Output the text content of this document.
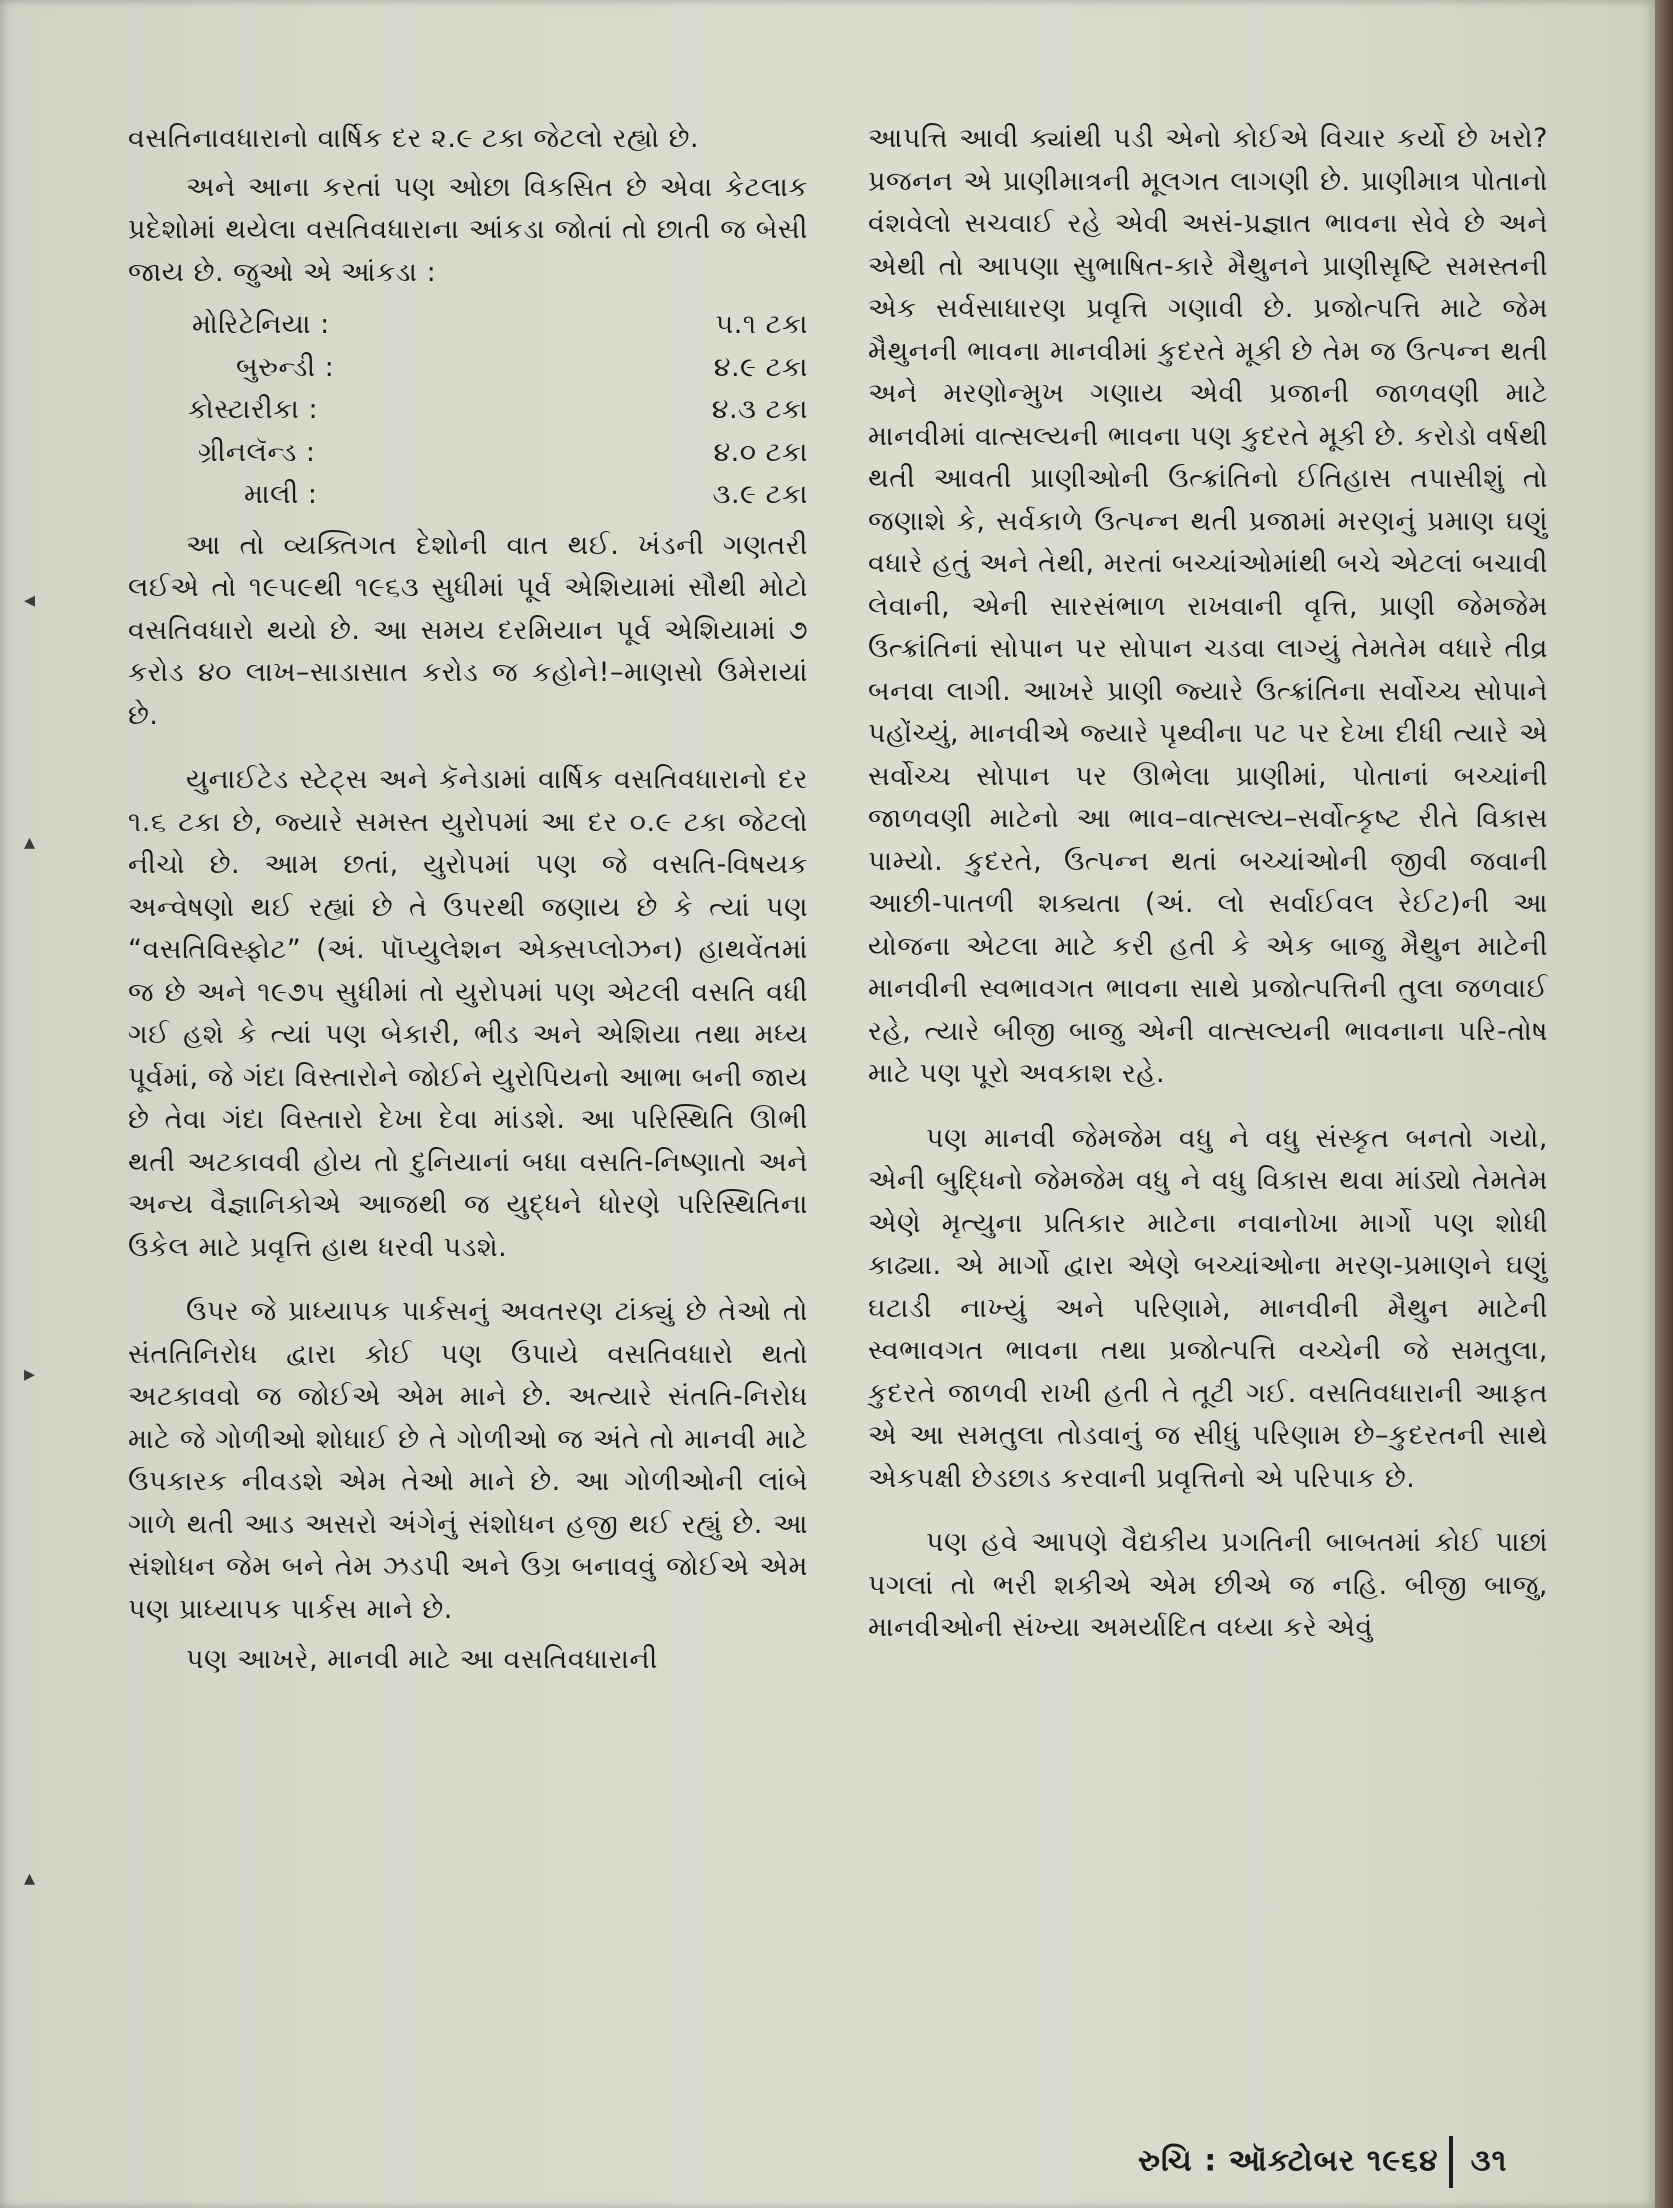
◂
▴
▸
▴

વસતિનાવધારાનો વાર્ષિક દર ૨.૯ ટકા જેટલો રહ્યો છે.

અને આના કરતાં પણ ઓછા વિકસિત છે એવા કેટલાક પ્રદેશોમાં થયેલા વસતિવધારાના આંકડા જોતાં તો છાતી જ બેસી જાય છે. જુઓ એ આંકડા :

મોરિટેનિયા :	૫.૧ ટકા
બુરુન્ડી :	૪.૯ ટકા
કોસ્ટારીકા :	૪.૩ ટકા
ગ્રીનલૅન્ડ :	૪.૦ ટકા
માલી :	૩.૯ ટકા

આ તો વ્યક્તિગત દેશોની વાત થઈ. ખંડની ગણતરી લઈએ તો ૧૯૫૯થી ૧૯૬૩ સુધીમાં પૂર્વ એશિયામાં સૌથી મોટો વસતિવધારો થયો છે. આ સમય દરમિયાન પૂર્વ એશિયામાં ૭ કરોડ ૪૦ લાખ–સાડાસાત કરોડ જ કહોને!–માણસો ઉમેરાયાં છે.

યુનાઈટેડ સ્ટેટ્સ અને કૅનેડામાં વાર્ષિક વસતિવધારાનો દર ૧.૬ ટકા છે, જ્યારે સમસ્ત યુરોપમાં આ દર ૦.૯ ટકા જેટલો નીચો છે. આમ છતાં, યુરોપમાં પણ જે વસતિ-વિષયક અન્વેષણો થઈ રહ્યાં છે તે ઉપરથી જણાય છે કે ત્યાં પણ “વસતિવિસ્ફોટ” (અં. પૉપ્યુલેશન એક્સપ્લોઝન) હાથવેંતમાં જ છે અને ૧૯૭૫ સુધીમાં તો યુરોપમાં પણ એટલી વસતિ વધી ગઈ હશે કે ત્યાં પણ બેકારી, ભીડ અને એશિયા તથા મધ્ય પૂર્વમાં, જે ગંદા વિસ્તારોને જોઈને યુરોપિયનો આભા બની જાય છે તેવા ગંદા વિસ્તારો દેખા દેવા માંડશે. આ પરિસ્થિતિ ઊભી થતી અટકાવવી હોય તો દુનિયાનાં બધા વસતિ-નિષ્ણાતો અને અન્ય વૈજ્ઞાનિકોએ આજથી જ યુદ્ધને ધોરણે પરિસ્થિતિના ઉકેલ માટે પ્રવૃત્તિ હાથ ધરવી પડશે.

ઉપર જે પ્રાધ્યાપક પાર્કસનું અવતરણ ટાંક્યું છે તેઓ તો સંતતિનિરોધ દ્વારા કોઈ પણ ઉપાયે વસતિવધારો થતો અટકાવવો જ જોઈએ એમ માને છે. અત્યારે સંતતિ-નિરોધ માટે જે ગોળીઓ શોધાઈ છે તે ગોળીઓ જ અંતે તો માનવી માટે ઉપકારક નીવડશે એમ તેઓ માને છે. આ ગોળીઓની લાંબે ગાળે થતી આડ અસરો અંગેનું સંશોધન હજી થઈ રહ્યું છે. આ સંશોધન જેમ બને તેમ ઝડપી અને ઉગ્ર બનાવવું જોઈએ એમ પણ પ્રાધ્યાપક પાર્કસ માને છે.

પણ આખરે, માનવી માટે આ વસતિવધારાની

આપત્તિ આવી ક્યાંથી પડી એનો કોઈએ વિચાર કર્યો છે ખરો? પ્રજનન એ પ્રાણીમાત્રની મૂલગત લાગણી છે. પ્રાણીમાત્ર પોતાનો વંશવેલો સચવાઈ રહે એવી અસં-પ્રજ્ઞાત ભાવના સેવે છે અને એથી તો આપણા સુભાષિત-કારે મૈથુનને પ્રાણીસૃષ્ટિ સમસ્તની એક સર્વસાધારણ પ્રવૃત્તિ ગણાવી છે. પ્રજોત્પત્તિ માટે જેમ મૈથુનની ભાવના માનવીમાં કુદરતે મૂકી છે તેમ જ ઉત્પન્ન થતી અને મરણોન્મુખ ગણાય એવી પ્રજાની જાળવણી માટે માનવીમાં વાત્સલ્યની ભાવના પણ કુદરતે મૂકી છે. કરોડો વર્ષથી થતી આવતી પ્રાણીઓની ઉત્ક્રાંતિનો ઈતિહાસ તપાસીશું તો જણાશે કે, સર્વકાળે ઉત્પન્ન થતી પ્રજામાં મરણનું પ્રમાણ ઘણું વધારે હતું અને તેથી, મરતાં બચ્ચાંઓમાંથી બચે એટલાં બચાવી લેવાની, એની સારસંભાળ રાખવાની વૃત્તિ, પ્રાણી જેમજેમ ઉત્ક્રાંતિનાં સોપાન પર સોપાન ચડવા લાગ્યું તેમતેમ વધારે તીવ્ર બનવા લાગી. આખરે પ્રાણી જ્યારે ઉત્ક્રાંતિના સર્વોચ્ચ સોપાને પહોંચ્યું, માનવીએ જ્યારે પૃથ્વીના પટ પર દેખા દીધી ત્યારે એ સર્વોચ્ચ સોપાન પર ઊભેલા પ્રાણીમાં, પોતાનાં બચ્ચાંની જાળવણી માટેનો આ ભાવ–વાત્સલ્ય–સર્વોત્કૃષ્ટ રીતે વિકાસ પામ્યો. કુદરતે, ઉત્પન્ન થતાં બચ્ચાંઓની જીવી જવાની આછી-પાતળી શક્યતા (અં. લો સર્વાઈવલ રેઈટ)ની આ યોજના એટલા માટે કરી હતી કે એક બાજુ મૈથુન માટેની માનવીની સ્વભાવગત ભાવના સાથે પ્રજોત્પત્તિની તુલા જળવાઈ રહે, ત્યારે બીજી બાજુ એની વાત્સલ્યની ભાવનાના પરિ-તોષ માટે પણ પૂરો અવકાશ રહે.

પણ માનવી જેમજેમ વધુ ને વધુ સંસ્કૃત બનતો ગયો, એની બુદ્ધિનો જેમજેમ વધુ ને વધુ વિકાસ થવા માંડ્યો તેમતેમ એણે મૃત્યુના પ્રતિકાર માટેના નવાનોખા માર્ગો પણ શોધી કાઢ્યા. એ માર્ગો દ્વારા એણે બચ્ચાંઓના મરણ-પ્રમાણને ઘણું ઘટાડી નાખ્યું અને પરિણામે, માનવીની મૈથુન માટેની સ્વભાવગત ભાવના તથા પ્રજોત્પત્તિ વચ્ચેની જે સમતુલા, કુદરતે જાળવી રાખી હતી તે તૂટી ગઈ. વસતિવધારાની આફત એ આ સમતુલા તોડવાનું જ સીધું પરિણામ છે–કુદરતની સાથે એકપક્ષી છેડછાડ કરવાની પ્રવૃત્તિનો એ પરિપાક છે.

પણ હવે આપણે વૈદ્યકીય પ્રગતિની બાબતમાં કોઈ પાછાં પગલાં તો ભરી શકીએ એમ છીએ જ નહિ. બીજી બાજુ, માનવીઓની સંખ્યા અમર્યાદિત વધ્યા કરે એવું

રુચિ : ઑક્ટોબર ૧૯૬૪ ૩૧
